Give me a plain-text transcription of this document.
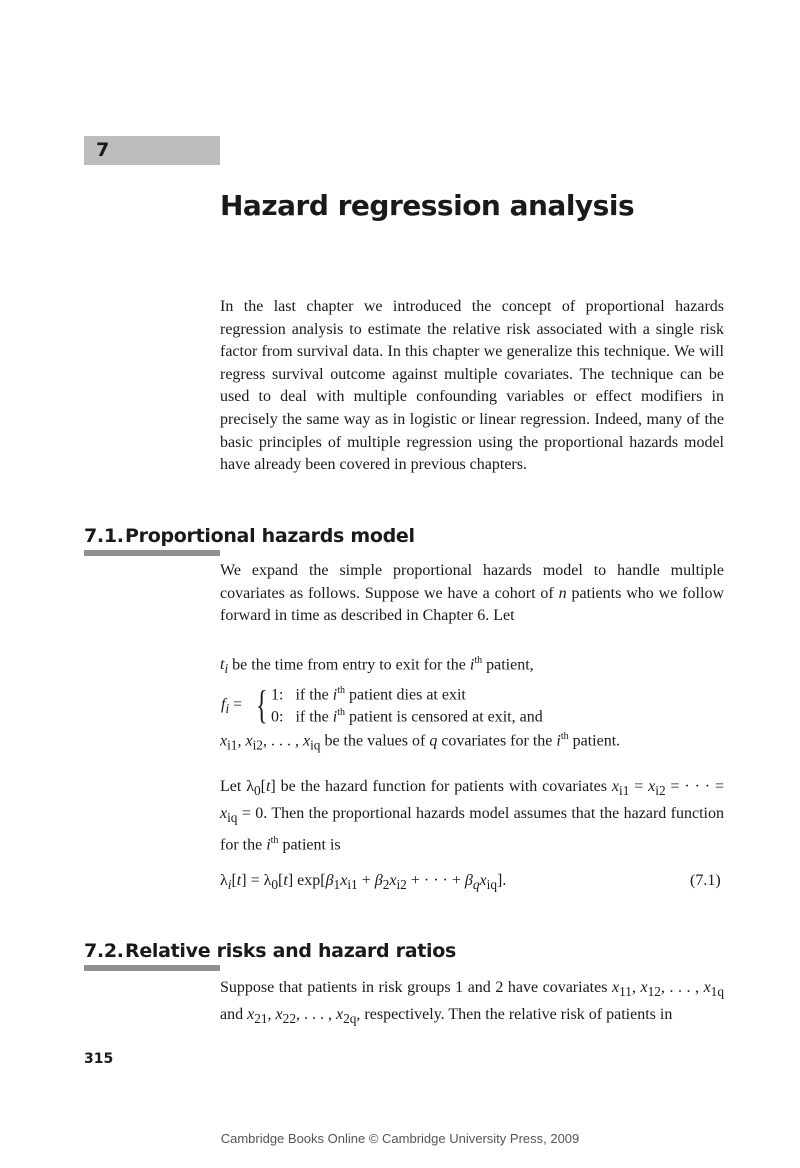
7
Hazard regression analysis

In the last chapter we introduced the concept of proportional hazards regression analysis to estimate the relative risk associated with a single risk factor from survival data. In this chapter we generalize this technique. We will regress survival outcome against multiple covariates. The technique can be used to deal with multiple confounding variables or effect modifiers in precisely the same way as in logistic or linear regression. Indeed, many of the basic principles of multiple regression using the proportional hazards model have already been covered in previous chapters.

7.1. Proportional hazards model

We expand the simple proportional hazards model to handle multiple covariates as follows. Suppose we have a cohort of n patients who we follow forward in time as described in Chapter 6. Let

$t_i$ be the time from entry to exit for the $i^{th}$ patient,
$f_i$ = { 1: if the $i^{th}$ patient dies at exit
0: if the $i^{th}$ patient is censored at exit, and
$x_{i1}$, $x_{i2}$, . . . , $x_{iq}$ be the values of q covariates for the $i^{th}$ patient.

Let $\lambda_0[t]$ be the hazard function for patients with covariates $x_{i1} = x_{i2}$ = · · · = $x_{iq} = 0$. Then the proportional hazards model assumes that the hazard function for the $i^{th}$ patient is

$\lambda_i[t] = \lambda_0[t] \exp[\beta_1x_{i1} + \beta_2x_{i2}$ + · · · + $\beta_qx_{iq}$].	(7.1)
7.2. Relative risks and hazard ratios

Suppose that patients in risk groups 1 and 2 have covariates $x_{11}$, $x_{12}$, . . . , $x_{1q}$ and $x_{21}$, $x_{22}$, . . . , $x_{2q}$, respectively. Then the relative risk of patients in

315
Cambridge Books Online © Cambridge University Press, 2009
